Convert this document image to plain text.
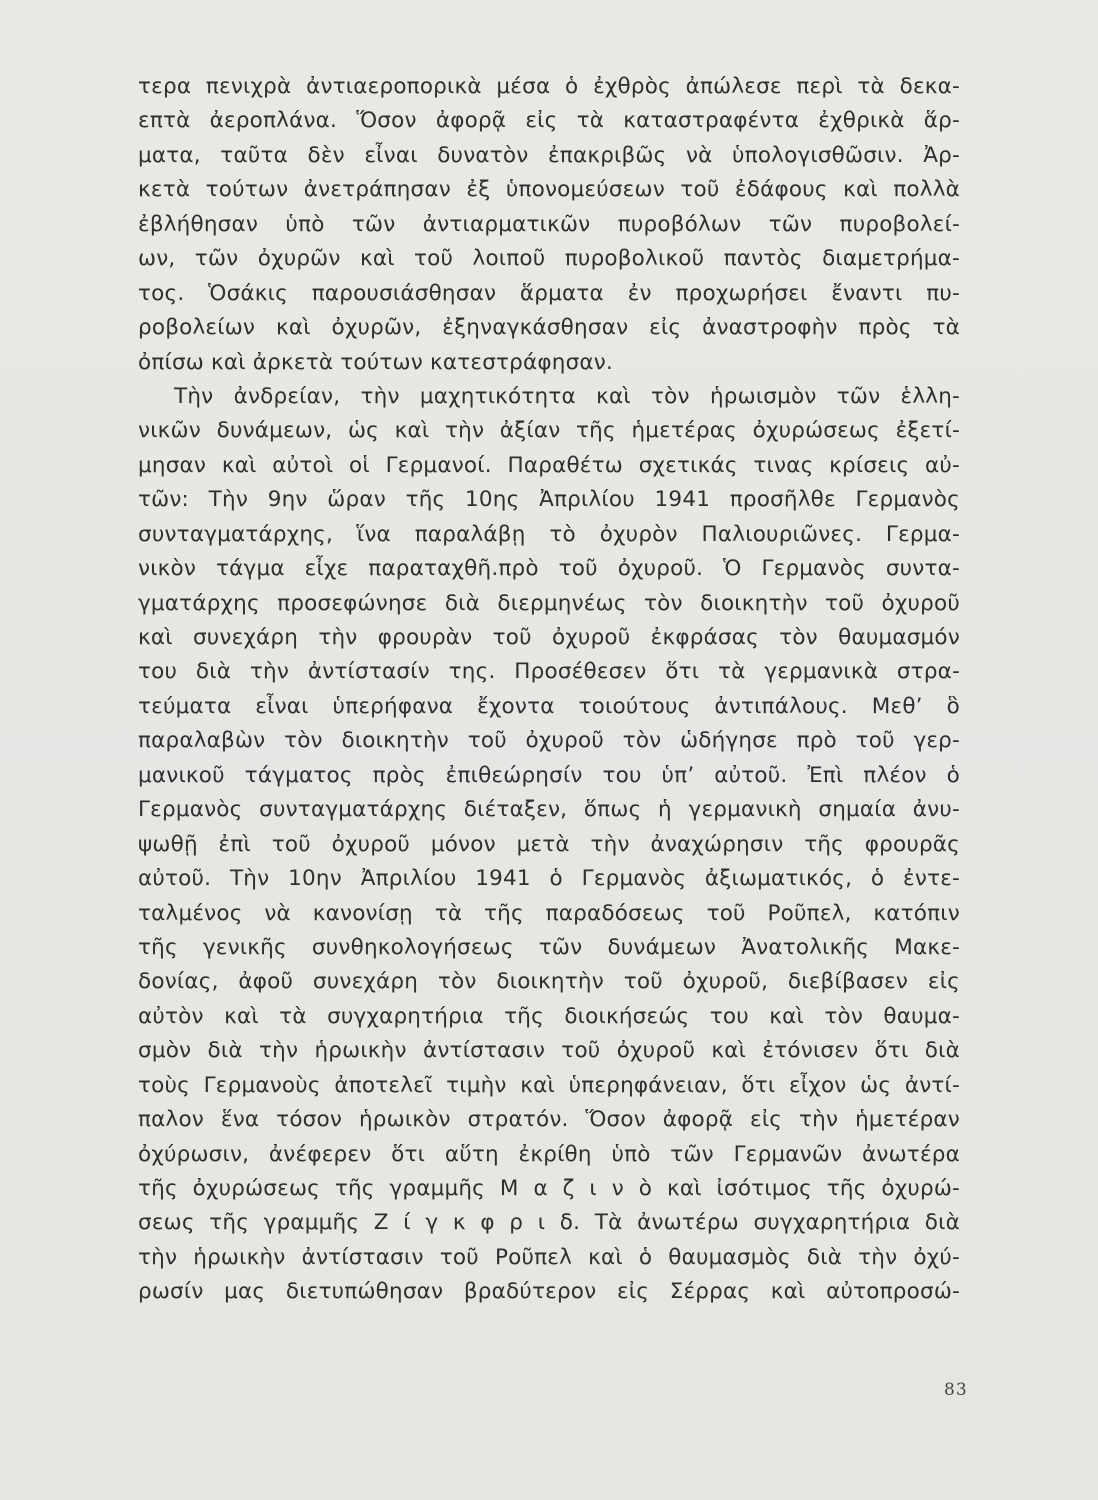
τερα πενιχρὰ ἀντιαεροπορικὰ μέσα ὁ ἐχθρὸς ἀπώλεσε περὶ τὰ δεκα-
επτὰ ἀεροπλάνα. Ὅσον ἀφορᾷ εἰς τὰ καταστραφέντα ἐχθρικὰ ἅρ-
ματα, ταῦτα δὲν εἶναι δυνατὸν ἐπακριβῶς νὰ ὑπολογισθῶσιν. Ἀρ-
κετὰ τούτων ἀνετράπησαν ἐξ ὑπονομεύσεων τοῦ ἐδάφους καὶ πολλὰ
ἐβλήθησαν ὑπὸ τῶν ἀντιαρματικῶν πυροβόλων τῶν πυροβολεί-
ων, τῶν ὀχυρῶν καὶ τοῦ λοιποῦ πυροβολικοῦ παντὸς διαμετρήμα-
τος. Ὁσάκις παρουσιάσθησαν ἅρματα ἐν προχωρήσει ἔναντι πυ-
ροβολείων καὶ ὀχυρῶν, ἐξηναγκάσθησαν εἰς ἀναστροφὴν πρὸς τὰ
ὀπίσω καὶ ἀρκετὰ τούτων κατεστράφησαν.
Τὴν ἀνδρείαν, τὴν μαχητικότητα καὶ τὸν ἡρωισμὸν τῶν ἑλλη-
νικῶν δυνάμεων, ὡς καὶ τὴν ἀξίαν τῆς ἡμετέρας ὀχυρώσεως ἐξετί-
μησαν καὶ αὐτοὶ οἱ Γερμανοί. Παραθέτω σχετικάς τινας κρίσεις αὐ-
τῶν: Τὴν 9ην ὥραν τῆς 10ης Ἀπριλίου 1941 προσῆλθε Γερμανὸς
συνταγματάρχης, ἵνα παραλάβῃ τὸ ὀχυρὸν Παλιουριῶνες. Γερμα-
νικὸν τάγμα εἶχε παραταχθῆ.πρὸ τοῦ ὀχυροῦ. Ὁ Γερμανὸς συντα-
γματάρχης προσεφώνησε διὰ διερμηνέως τὸν διοικητὴν τοῦ ὀχυροῦ
καὶ συνεχάρη τὴν φρουρὰν τοῦ ὀχυροῦ ἐκφράσας τὸν θαυμασμόν
του διὰ τὴν ἀντίστασίν της. Προσέθεσεν ὅτι τὰ γερμανικὰ στρα-
τεύματα εἶναι ὑπερήφανα ἔχοντα τοιούτους ἀντιπάλους. Μεθ’ ὃ
παραλαβὼν τὸν διοικητὴν τοῦ ὀχυροῦ τὸν ὡδήγησε πρὸ τοῦ γερ-
μανικοῦ τάγματος πρὸς ἐπιθεώρησίν του ὑπ’ αὐτοῦ. Ἐπὶ πλέον ὁ
Γερμανὸς συνταγματάρχης διέταξεν, ὅπως ἡ γερμανικὴ σημαία ἀνυ-
ψωθῇ ἐπὶ τοῦ ὀχυροῦ μόνον μετὰ τὴν ἀναχώρησιν τῆς φρουρᾶς
αὐτοῦ. Τὴν 10ην Ἀπριλίου 1941 ὁ Γερμανὸς ἀξιωματικός, ὁ ἐντε-
ταλμένος νὰ κανονίσῃ τὰ τῆς παραδόσεως τοῦ Ροῦπελ, κατόπιν
τῆς γενικῆς συνθηκολογήσεως τῶν δυνάμεων Ἀνατολικῆς Μακε-
δονίας, ἀφοῦ συνεχάρη τὸν διοικητὴν τοῦ ὀχυροῦ, διεβίβασεν εἰς
αὐτὸν καὶ τὰ συγχαρητήρια τῆς διοικήσεώς του καὶ τὸν θαυμα-
σμὸν διὰ τὴν ἡρωικὴν ἀντίστασιν τοῦ ὀχυροῦ καὶ ἐτόνισεν ὅτι διὰ
τοὺς Γερμανοὺς ἀποτελεῖ τιμὴν καὶ ὑπερηφάνειαν, ὅτι εἶχον ὡς ἀντί-
παλον ἕνα τόσον ἡρωικὸν στρατόν. Ὅσον ἀφορᾷ εἰς τὴν ἡμετέραν
ὀχύρωσιν, ἀνέφερεν ὅτι αὕτη ἐκρίθη ὑπὸ τῶν Γερμανῶν ἀνωτέρα
τῆς ὀχυρώσεως τῆς γραμμῆς Μ α ζ ι ν ὸ καὶ ἰσότιμος τῆς ὀχυρώ-
σεως τῆς γραμμῆς Ζ ί γ κ φ ρ ι δ. Τὰ ἀνωτέρω συγχαρητήρια διὰ
τὴν ἡρωικὴν ἀντίστασιν τοῦ Ροῦπελ καὶ ὁ θαυμασμὸς διὰ τὴν ὀχύ-
ρωσίν μας διετυπώθησαν βραδύτερον εἰς Σέρρας καὶ αὐτοπροσώ-
83
